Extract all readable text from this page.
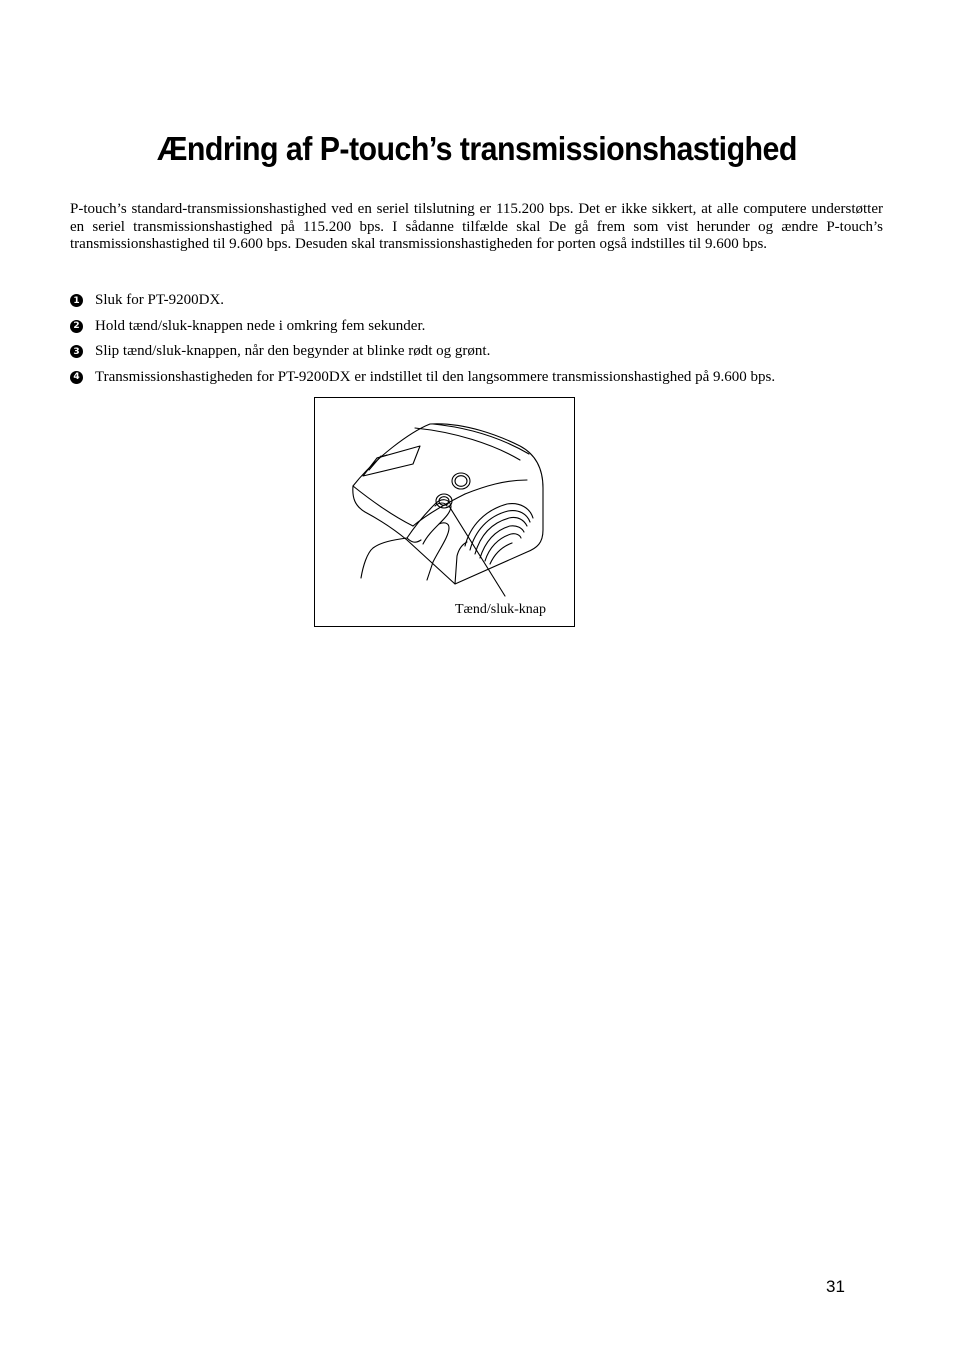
Ændring af P-touch’s transmissionshastighed

P-touch’s standard-transmissionshastighed ved en seriel tilslutning er 115.200 bps. Det er ikke sikkert, at alle computere understøtter en seriel transmissionshastighed på 115.200 bps. I sådanne tilfælde skal De gå frem som vist herunder og ændre P-touch’s transmissionshastighed til 9.600 bps. Desuden skal transmissionshastigheden for porten også indstilles til 9.600 bps.

1 Sluk for PT-9200DX.
2 Hold tænd/sluk-knappen nede i omkring fem sekunder.
3 Slip tænd/sluk-knappen, når den begynder at blinke rødt og grønt.
4 Transmissionshastigheden for PT-9200DX er indstillet til den langsommere transmissionshastighed på 9.600 bps.
Tænd/sluk-knap
31
